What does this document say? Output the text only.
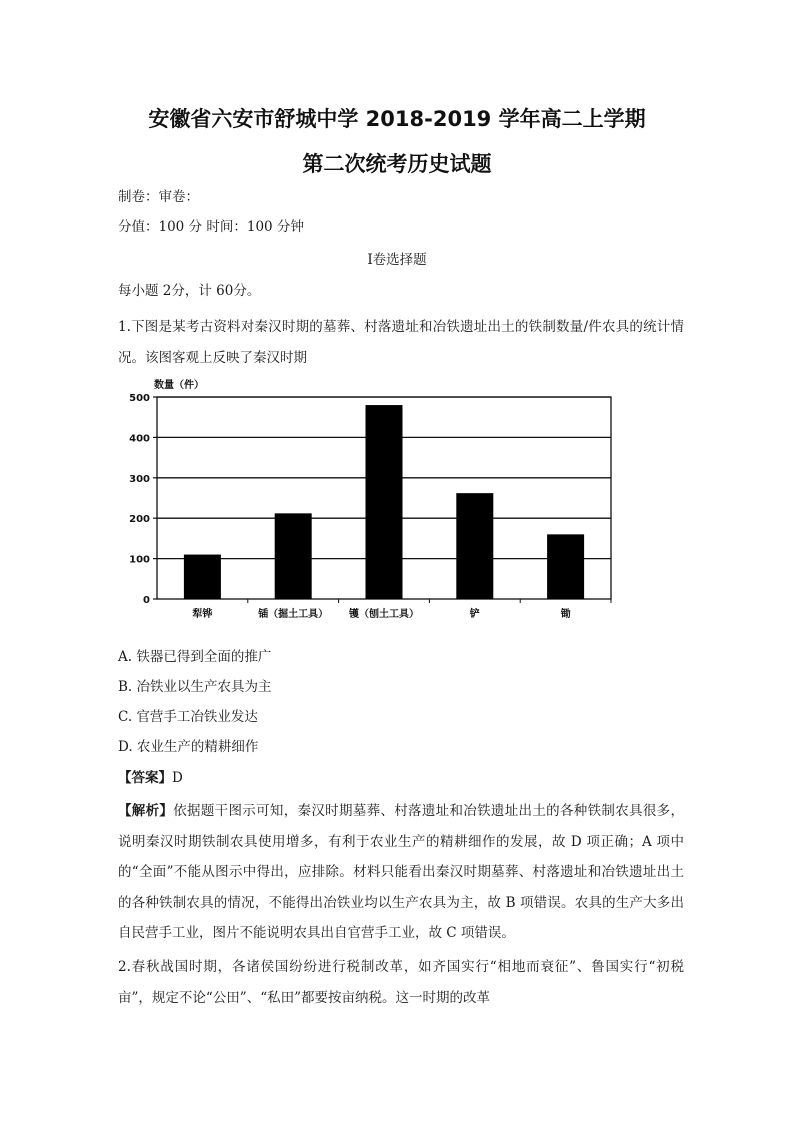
安徽省六安市舒城中学 2018-2019 学年高二上学期
第二次统考历史试题
制卷：审卷：
分值：100 分 时间：100 分钟
Ⅰ卷选择题
每小题 2分，计 60分。
1.下图是某考古资料对秦汉时期的墓葬、村落遗址和冶铁遗址出土的铁制数量/件农具的统计情况。该图客观上反映了秦汉时期
数量（件）
0
100
200
300
400
500
犁铧	锸（掘土工具） 镬（刨土工具）	铲	锄
A. 铁器已得到全面的推广
B. 冶铁业以生产农具为主
C. 官营手工冶铁业发达
D. 农业生产的精耕细作
【答案】D
【解析】依据题干图示可知，秦汉时期墓葬、村落遗址和冶铁遗址出土的各种铁制农具很多，说明秦汉时期铁制农具使用增多，有利于农业生产的精耕细作的发展，故 D 项正确；A 项中的“全面”不能从图示中得出，应排除。材料只能看出秦汉时期墓葬、村落遗址和冶铁遗址出土的各种铁制农具的情况，不能得出冶铁业均以生产农具为主，故 B 项错误。农具的生产大多出自民营手工业，图片不能说明农具出自官营手工业，故 C 项错误。
2.春秋战国时期，各诸侯国纷纷进行税制改革，如齐国实行“相地而衰征”、鲁国实行“初税亩”，规定不论“公田”、“私田”都要按亩纳税。这一时期的改革
